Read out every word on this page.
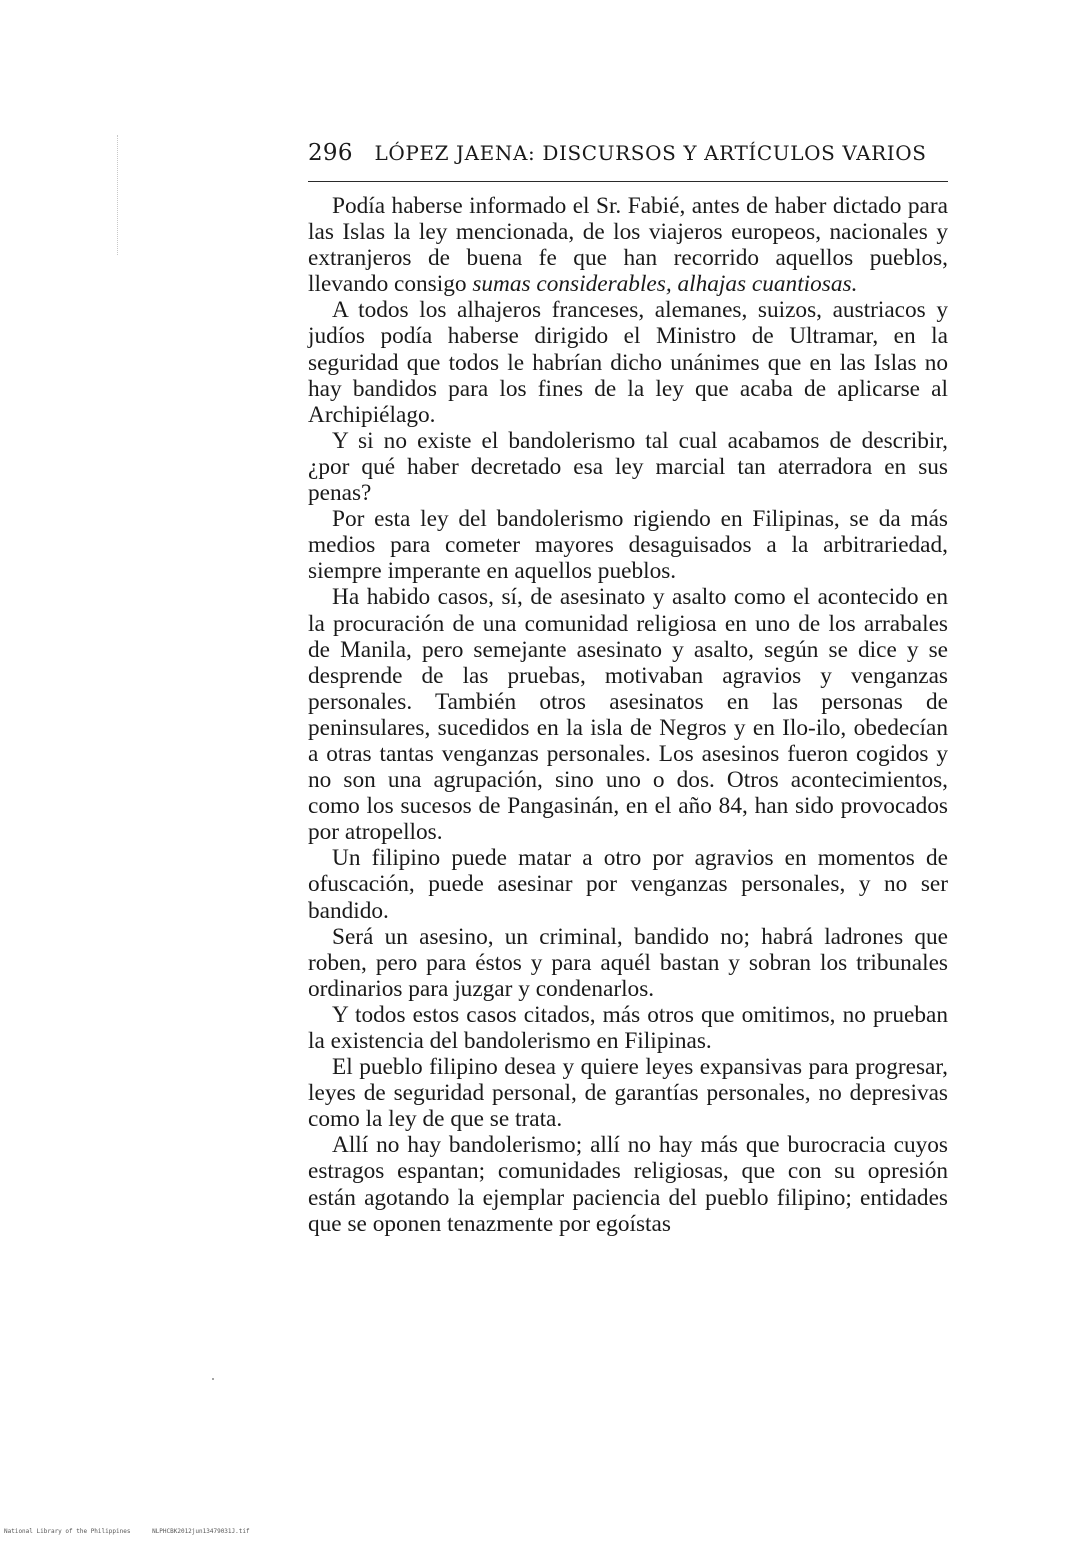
296 LÓPEZ JAENA: DISCURSOS Y ARTÍCULOS VARIOS

Podía haberse informado el Sr. Fabié, antes de haber dictado para las Islas la ley mencionada, de los viajeros europeos, nacionales y extranjeros de buena fe que han recorrido aquellos pueblos, llevando consigo sumas considerables, alhajas cuantiosas.

A todos los alhajeros franceses, alemanes, suizos, austriacos y judíos podía haberse dirigido el Ministro de Ultramar, en la seguridad que todos le habrían dicho unánimes que en las Islas no hay bandidos para los fines de la ley que acaba de aplicarse al Archipiélago.

Y si no existe el bandolerismo tal cual acabamos de describir, ¿por qué haber decretado esa ley marcial tan aterradora en sus penas?

Por esta ley del bandolerismo rigiendo en Filipinas, se da más medios para cometer mayores desaguisados a la arbitrariedad, siempre imperante en aquellos pueblos.

Ha habido casos, sí, de asesinato y asalto como el acontecido en la procuración de una comunidad religiosa en uno de los arrabales de Manila, pero semejante asesinato y asalto, según se dice y se desprende de las pruebas, motivaban agravios y venganzas personales. También otros asesinatos en las personas de peninsulares, sucedidos en la isla de Negros y en Ilo-ilo, obedecían a otras tantas venganzas personales. Los asesinos fueron cogidos y no son una agrupación, sino uno o dos. Otros acontecimientos, como los sucesos de Pangasinán, en el año 84, han sido provocados por atropellos.

Un filipino puede matar a otro por agravios en momentos de ofuscación, puede asesinar por venganzas personales, y no ser bandido.

Será un asesino, un criminal, bandido no; habrá ladrones que roben, pero para éstos y para aquél bastan y sobran los tribunales ordinarios para juzgar y condenarlos.

Y todos estos casos citados, más otros que omitimos, no prueban la existencia del bandolerismo en Filipinas.

El pueblo filipino desea y quiere leyes expansivas para progresar, leyes de seguridad personal, de garantías personales, no depresivas como la ley de que se trata.

Allí no hay bandolerismo; allí no hay más que burocracia cuyos estragos espantan; comunidades religiosas, que con su opresión están agotando la ejemplar paciencia del pueblo filipino; entidades que se oponen tenazmente por egoístas

National Library of the Philippines	NLPHCBK2012jun13479031J.tif
